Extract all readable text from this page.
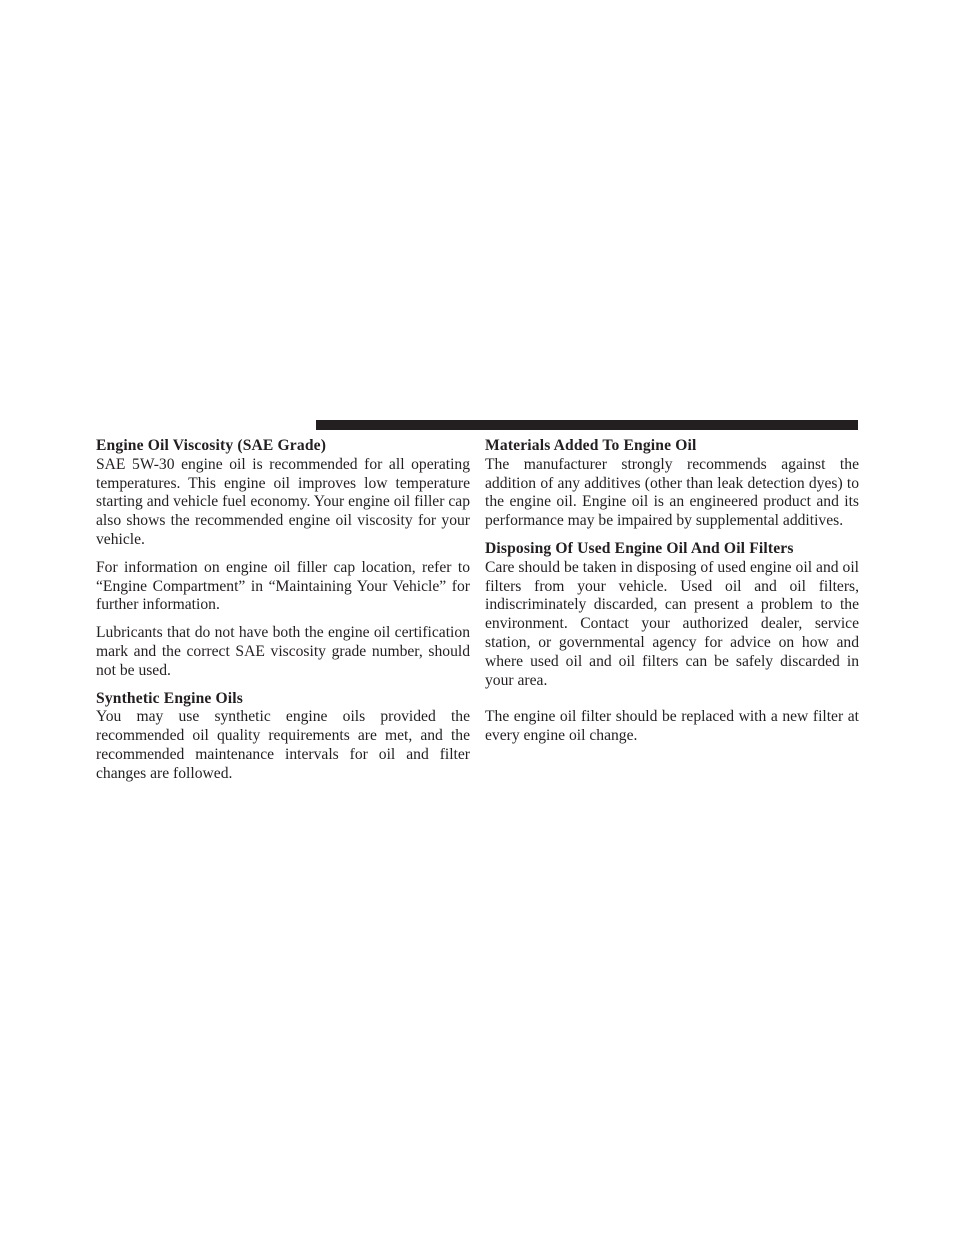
Engine Oil Viscosity (SAE Grade)

SAE 5W-30 engine oil is recommended for all operating temperatures. This engine oil improves low temperature starting and vehicle fuel economy. Your engine oil filler cap also shows the recommended engine oil viscosity for your vehicle.

For information on engine oil filler cap location, refer to “Engine Compartment” in “Maintaining Your Vehicle” for further information.

Lubricants that do not have both the engine oil certification mark and the correct SAE viscosity grade number, should not be used.

Synthetic Engine Oils

You may use synthetic engine oils provided the recommended oil quality requirements are met, and the recommended maintenance intervals for oil and filter changes are followed.

Materials Added To Engine Oil

The manufacturer strongly recommends against the addition of any additives (other than leak detection dyes) to the engine oil. Engine oil is an engineered product and its performance may be impaired by supplemental additives.

Disposing Of Used Engine Oil And Oil Filters

Care should be taken in disposing of used engine oil and oil filters from your vehicle. Used oil and oil filters, indiscriminately discarded, can present a problem to the environment. Contact your authorized dealer, service station, or governmental agency for advice on how and where used oil and oil filters can be safely discarded in your area.

The engine oil filter should be replaced with a new filter at every engine oil change.
